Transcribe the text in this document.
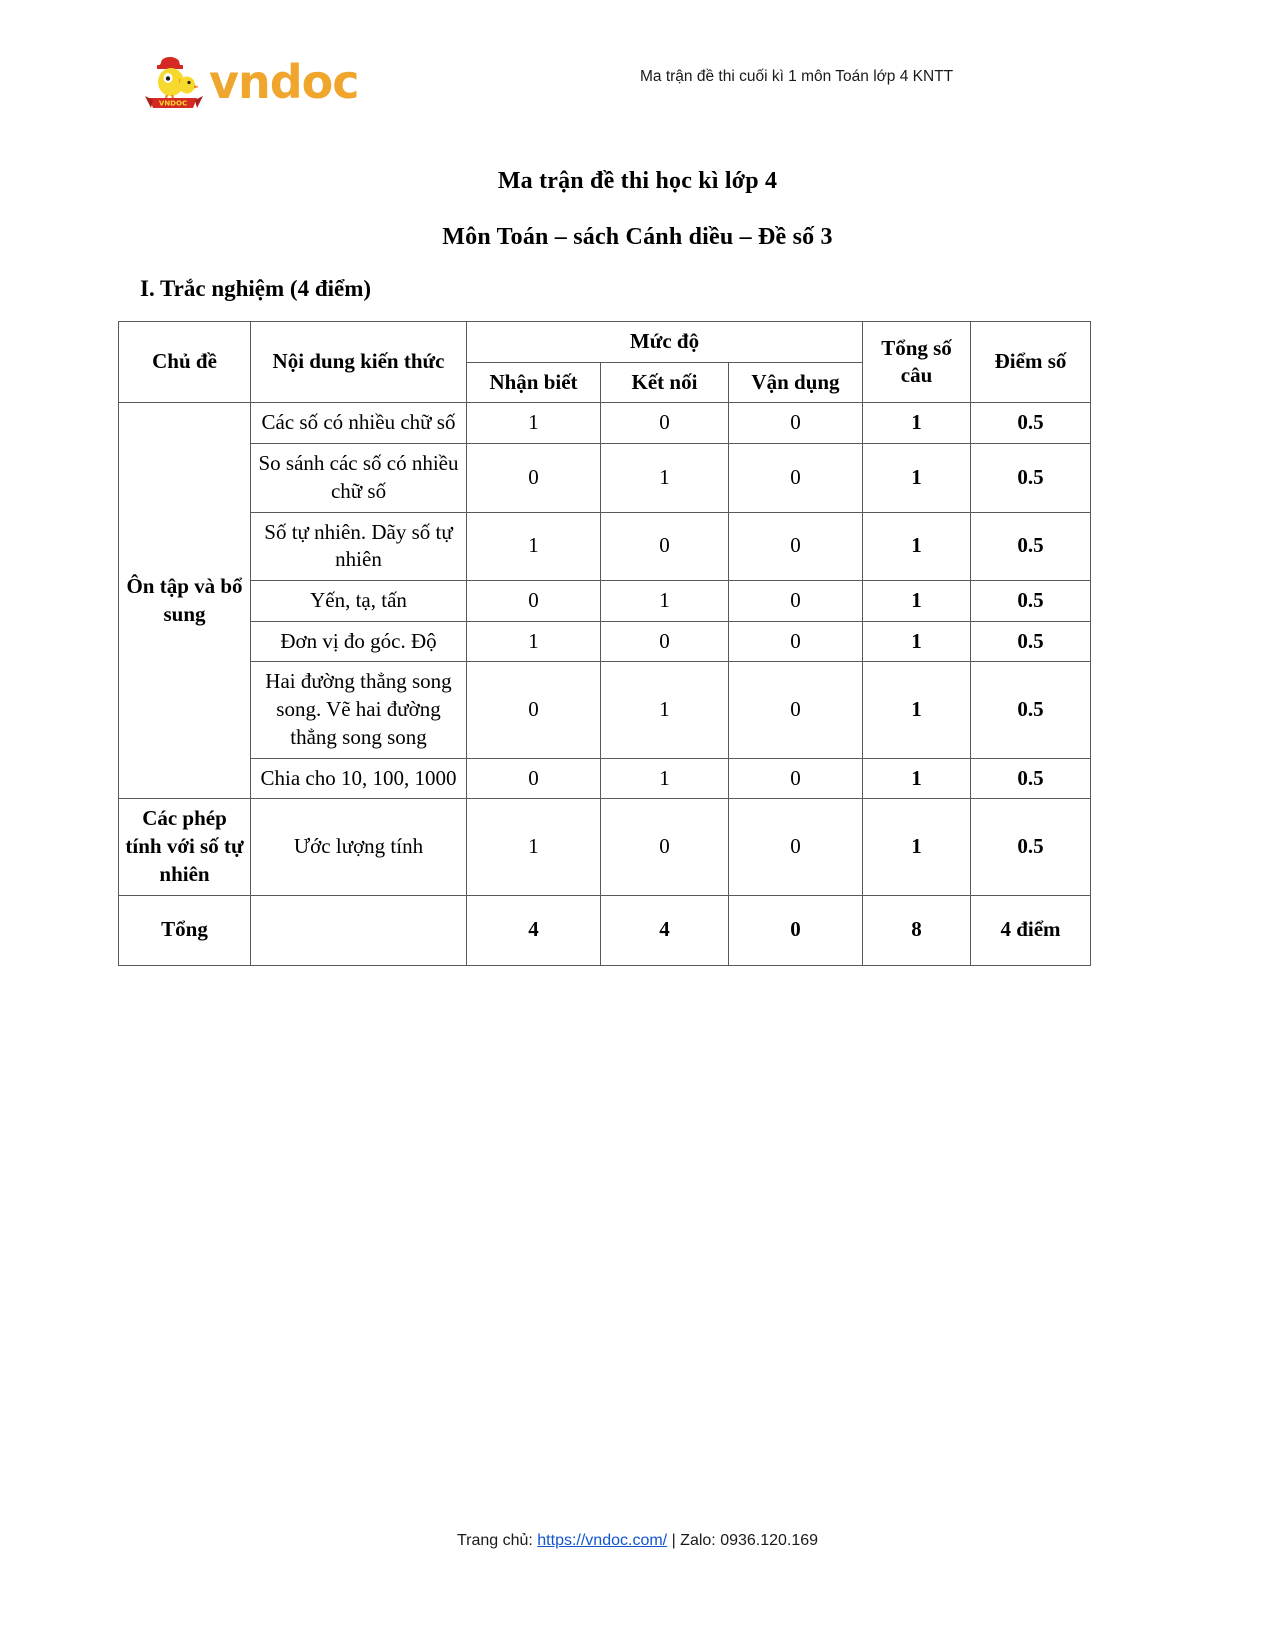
VNDOC vndoc	Ma trận đề thi cuối kì 1 môn Toán lớp 4 KNTT
Ma trận đề thi học kì lớp 4
Môn Toán – sách Cánh diều – Đề số 3
I. Trắc nghiệm (4 điểm)
Chủ đề	Nội dung kiến thức	Mức độ			Tổng số câu	Điểm số
		Nhận biết	Kết nối	Vận dụng		
Ôn tập và bổ sung	Các số có nhiều chữ số	1	0	0	1	0.5
	So sánh các số có nhiều chữ số	0	1	0	1	0.5
	Số tự nhiên. Dãy số tự nhiên	1	0	0	1	0.5
	Yến, tạ, tấn	0	1	0	1	0.5
	Đơn vị đo góc. Độ	1	0	0	1	0.5
	Hai đường thẳng song song. Vẽ hai đường thẳng song song	0	1	0	1	0.5
	Chia cho 10, 100, 1000	0	1	0	1	0.5
Các phép tính với số tự nhiên	Ước lượng tính	1	0	0	1	0.5
Tổng		4	4	0	8	4 điểm
Trang chủ: https://vndoc.com/ | Zalo: 0936.120.169
